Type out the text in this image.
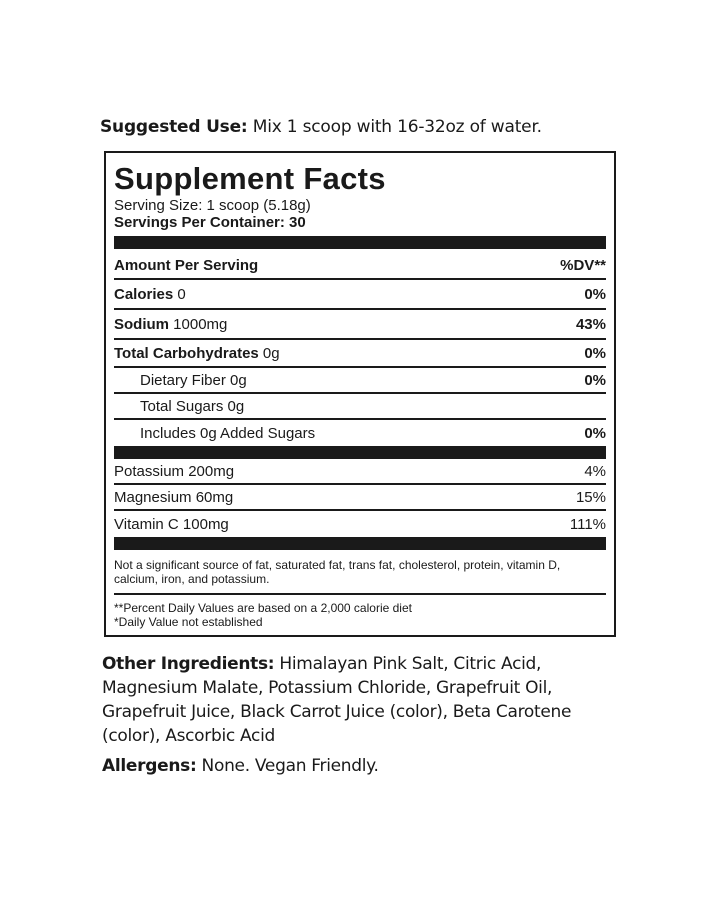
Suggested Use: Mix 1 scoop with 16-32oz of water.
Supplement Facts
Serving Size: 1 scoop (5.18g)
Servings Per Container: 30
Amount Per Serving	%DV**
Calories 0	0%
Sodium 1000mg	43%
Total Carbohydrates 0g	0%
Dietary Fiber 0g	0%
Total Sugars 0g
Includes 0g Added Sugars	0%
Potassium 200mg	4%
Magnesium 60mg	15%
Vitamin C 100mg	111%
Not a significant source of fat, saturated fat, trans fat, cholesterol, protein, vitamin D, calcium, iron, and potassium.
**Percent Daily Values are based on a 2,000 calorie diet
*Daily Value not established
Other Ingredients: Himalayan Pink Salt, Citric Acid, Magnesium Malate, Potassium Chloride, Grapefruit Oil, Grapefruit Juice, Black Carrot Juice (color), Beta Carotene (color), Ascorbic Acid
Allergens: None. Vegan Friendly.
